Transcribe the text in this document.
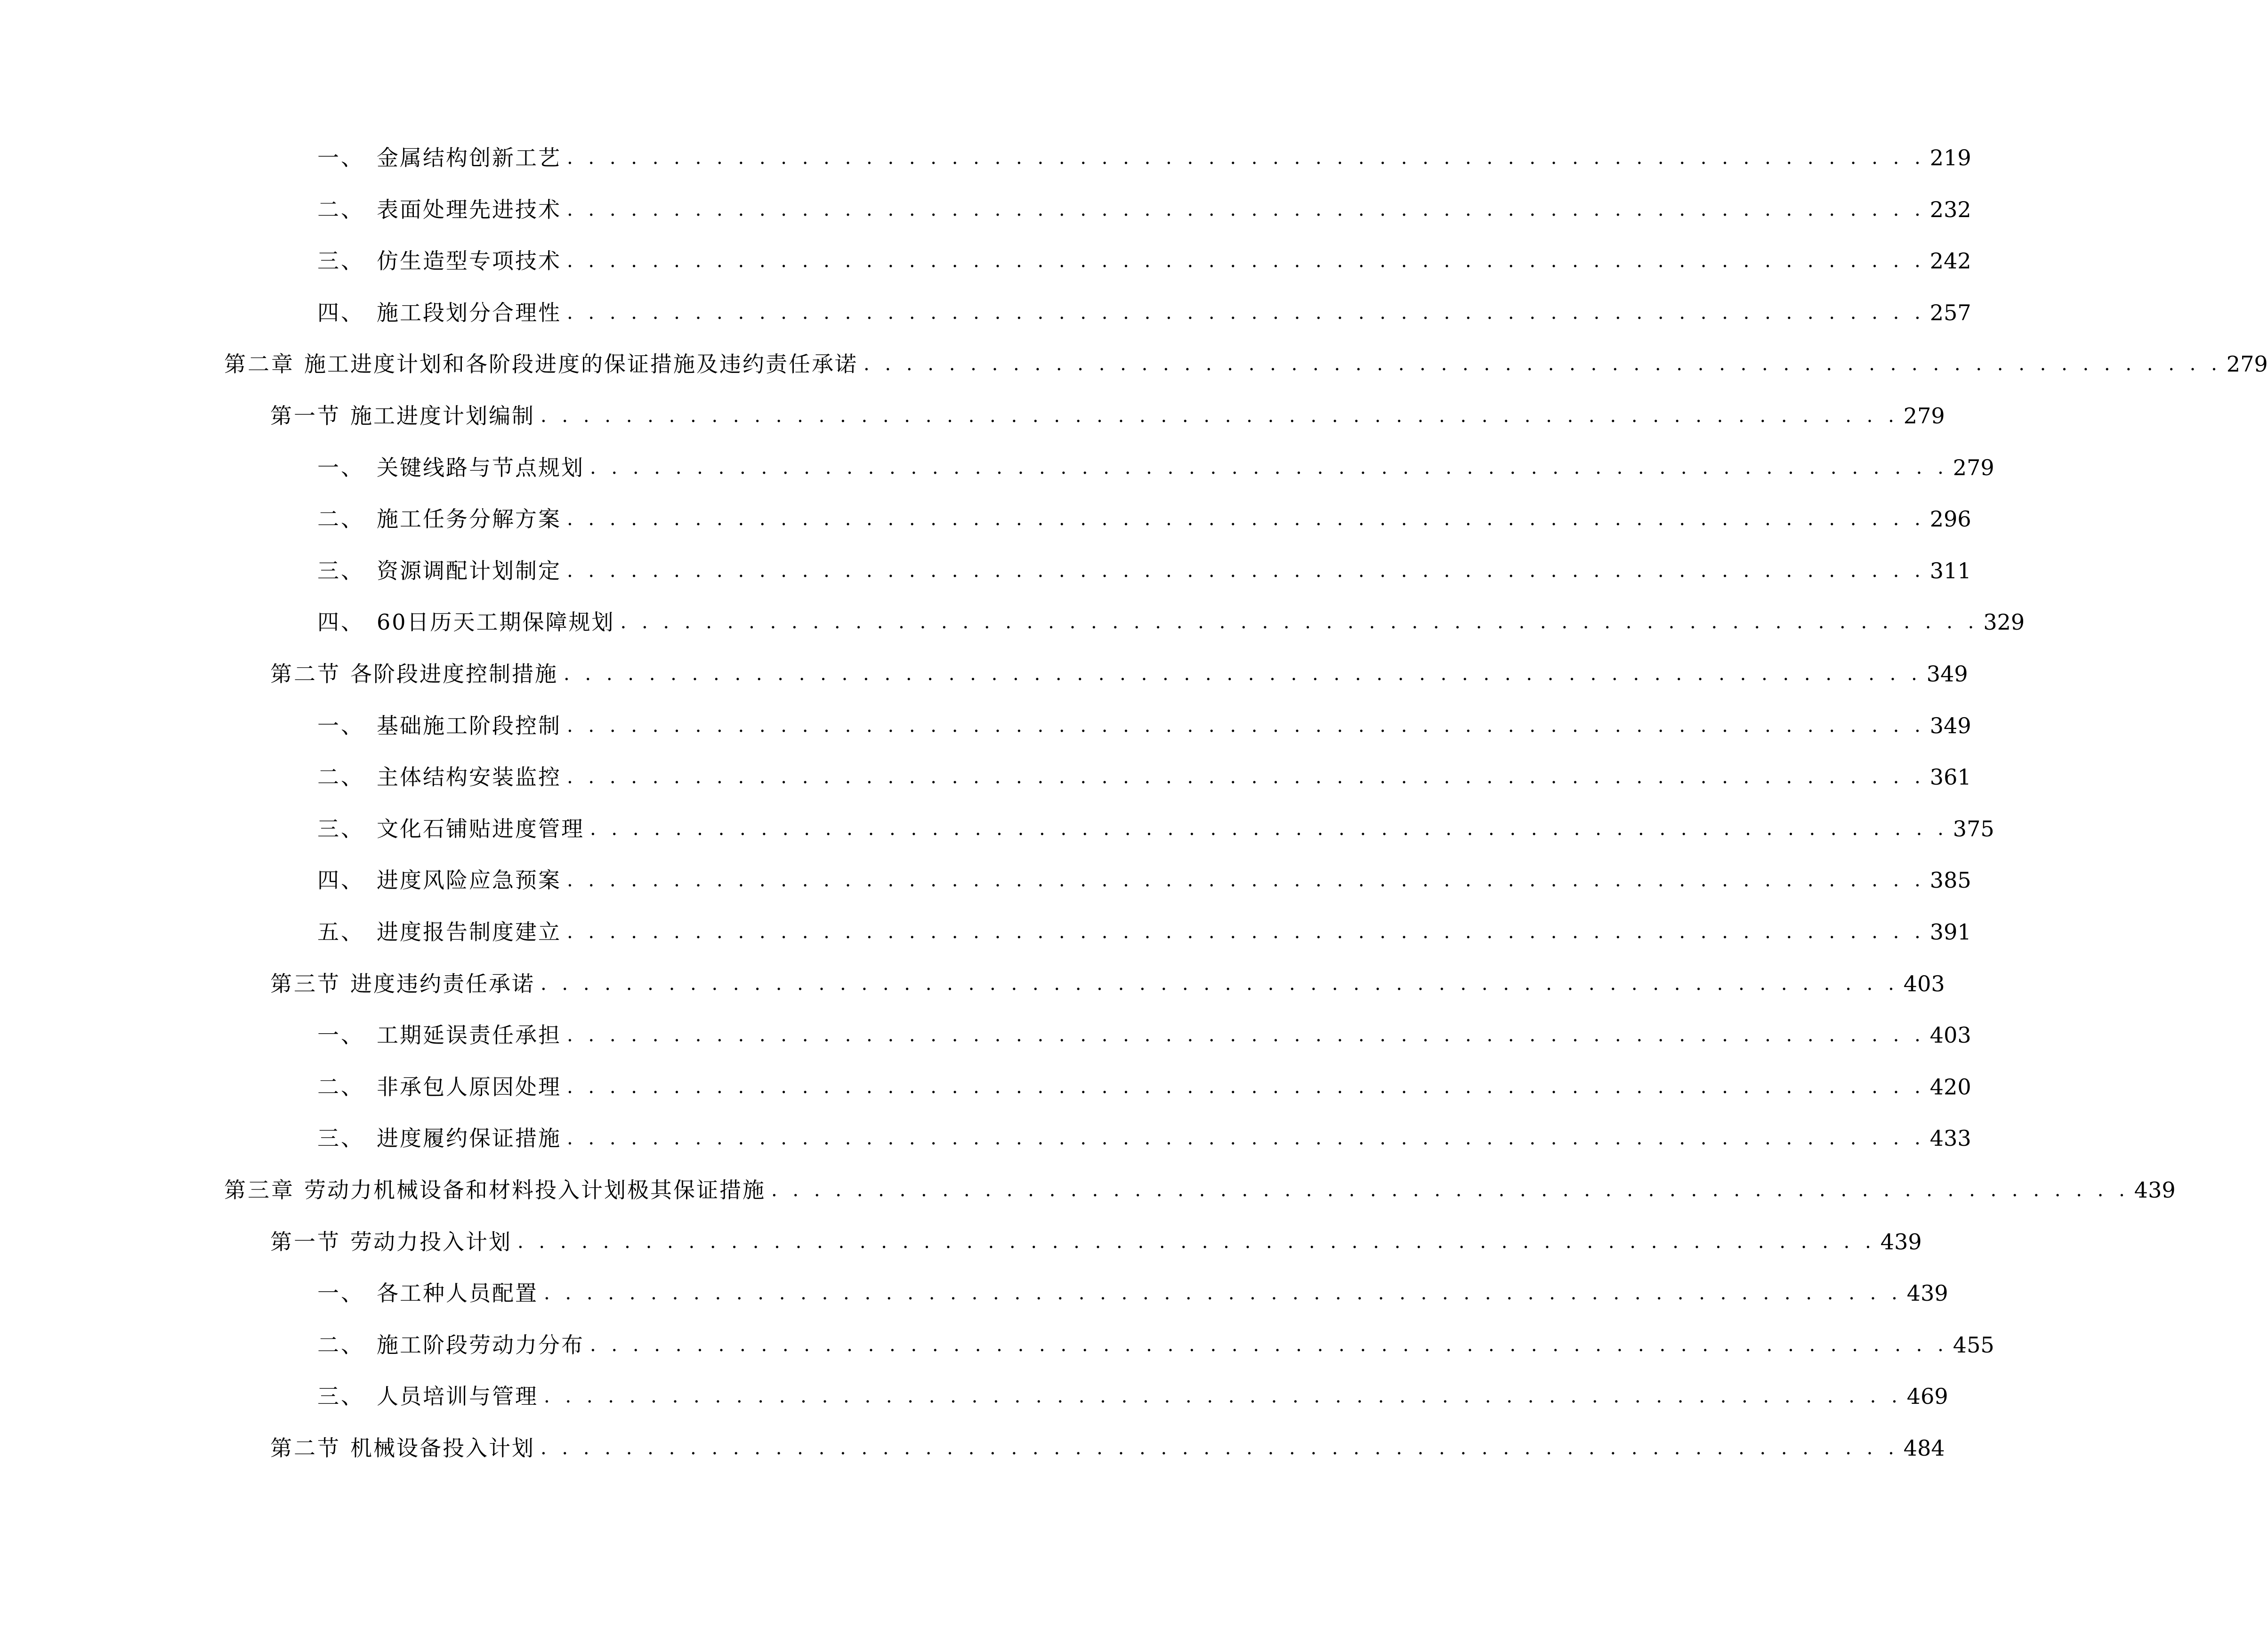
一、 金属结构创新工艺 . . . . . . . . . . . . . . . . . . . . . . . . . . . . . . . . . . . . . . . . . . . . . . . . . . . . . . . . . . . . . . . . 219
二、 表面处理先进技术 . . . . . . . . . . . . . . . . . . . . . . . . . . . . . . . . . . . . . . . . . . . . . . . . . . . . . . . . . . . . . . . . 232
三、 仿生造型专项技术 . . . . . . . . . . . . . . . . . . . . . . . . . . . . . . . . . . . . . . . . . . . . . . . . . . . . . . . . . . . . . . . . 242
四、 施工段划分合理性 . . . . . . . . . . . . . . . . . . . . . . . . . . . . . . . . . . . . . . . . . . . . . . . . . . . . . . . . . . . . . . . . 257
第二章 施工进度计划和各阶段进度的保证措施及违约责任承诺 . . . . . . . . . . . . . . . . . . . . . . . . . . . . . . . . . . . . . . . . . . . . . . . . . . . . . . . . . . . . . . . . 279
第一节 施工进度计划编制 . . . . . . . . . . . . . . . . . . . . . . . . . . . . . . . . . . . . . . . . . . . . . . . . . . . . . . . . . . . . . . . . 279
一、 关键线路与节点规划 . . . . . . . . . . . . . . . . . . . . . . . . . . . . . . . . . . . . . . . . . . . . . . . . . . . . . . . . . . . . . . . . 279
二、 施工任务分解方案 . . . . . . . . . . . . . . . . . . . . . . . . . . . . . . . . . . . . . . . . . . . . . . . . . . . . . . . . . . . . . . . . 296
三、 资源调配计划制定 . . . . . . . . . . . . . . . . . . . . . . . . . . . . . . . . . . . . . . . . . . . . . . . . . . . . . . . . . . . . . . . . 311
四、 60日历天工期保障规划 . . . . . . . . . . . . . . . . . . . . . . . . . . . . . . . . . . . . . . . . . . . . . . . . . . . . . . . . . . . . . . . . 329
第二节 各阶段进度控制措施 . . . . . . . . . . . . . . . . . . . . . . . . . . . . . . . . . . . . . . . . . . . . . . . . . . . . . . . . . . . . . . . . 349
一、 基础施工阶段控制 . . . . . . . . . . . . . . . . . . . . . . . . . . . . . . . . . . . . . . . . . . . . . . . . . . . . . . . . . . . . . . . . 349
二、 主体结构安装监控 . . . . . . . . . . . . . . . . . . . . . . . . . . . . . . . . . . . . . . . . . . . . . . . . . . . . . . . . . . . . . . . . 361
三、 文化石铺贴进度管理 . . . . . . . . . . . . . . . . . . . . . . . . . . . . . . . . . . . . . . . . . . . . . . . . . . . . . . . . . . . . . . . . 375
四、 进度风险应急预案 . . . . . . . . . . . . . . . . . . . . . . . . . . . . . . . . . . . . . . . . . . . . . . . . . . . . . . . . . . . . . . . . 385
五、 进度报告制度建立 . . . . . . . . . . . . . . . . . . . . . . . . . . . . . . . . . . . . . . . . . . . . . . . . . . . . . . . . . . . . . . . . 391
第三节 进度违约责任承诺 . . . . . . . . . . . . . . . . . . . . . . . . . . . . . . . . . . . . . . . . . . . . . . . . . . . . . . . . . . . . . . . . 403
一、 工期延误责任承担 . . . . . . . . . . . . . . . . . . . . . . . . . . . . . . . . . . . . . . . . . . . . . . . . . . . . . . . . . . . . . . . . 403
二、 非承包人原因处理 . . . . . . . . . . . . . . . . . . . . . . . . . . . . . . . . . . . . . . . . . . . . . . . . . . . . . . . . . . . . . . . . 420
三、 进度履约保证措施 . . . . . . . . . . . . . . . . . . . . . . . . . . . . . . . . . . . . . . . . . . . . . . . . . . . . . . . . . . . . . . . . 433
第三章 劳动力机械设备和材料投入计划极其保证措施 . . . . . . . . . . . . . . . . . . . . . . . . . . . . . . . . . . . . . . . . . . . . . . . . . . . . . . . . . . . . . . . . 439
第一节 劳动力投入计划 . . . . . . . . . . . . . . . . . . . . . . . . . . . . . . . . . . . . . . . . . . . . . . . . . . . . . . . . . . . . . . . . 439
一、 各工种人员配置 . . . . . . . . . . . . . . . . . . . . . . . . . . . . . . . . . . . . . . . . . . . . . . . . . . . . . . . . . . . . . . . . 439
二、 施工阶段劳动力分布 . . . . . . . . . . . . . . . . . . . . . . . . . . . . . . . . . . . . . . . . . . . . . . . . . . . . . . . . . . . . . . . . 455
三、 人员培训与管理 . . . . . . . . . . . . . . . . . . . . . . . . . . . . . . . . . . . . . . . . . . . . . . . . . . . . . . . . . . . . . . . . 469
第二节 机械设备投入计划 . . . . . . . . . . . . . . . . . . . . . . . . . . . . . . . . . . . . . . . . . . . . . . . . . . . . . . . . . . . . . . . . 484
